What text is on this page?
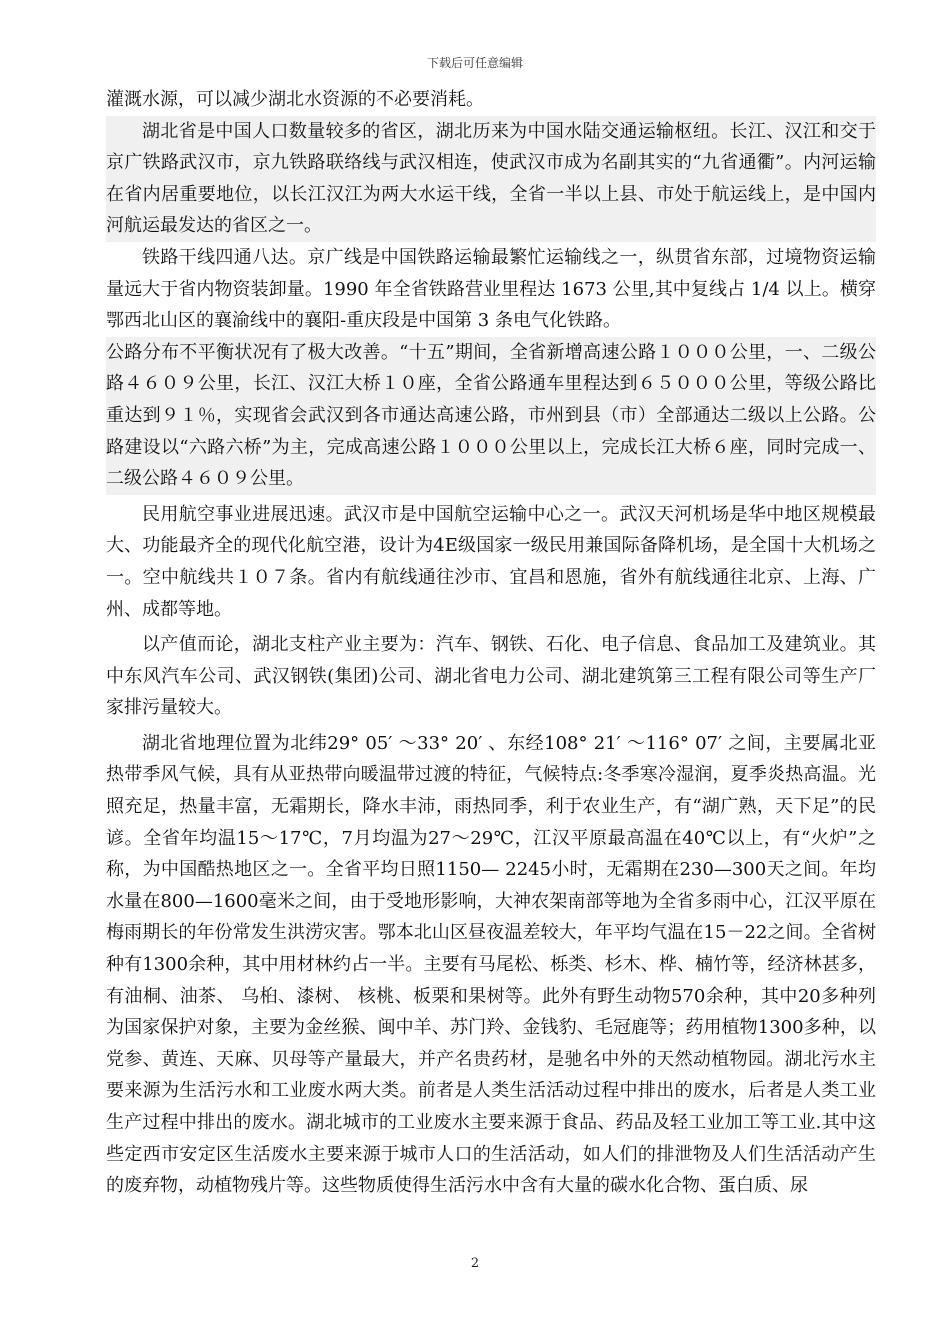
下载后可任意编辑

灌溉水源，可以减少湖北水资源的不必要消耗。

湖北省是中国人口数量较多的省区，湖北历来为中国水陆交通运输枢纽。长江、汉江和交于京广铁路武汉市，京九铁路联络线与武汉相连，使武汉市成为名副其实的“九省通衢”。内河运输在省内居重要地位，以长江汉江为两大水运干线，全省一半以上县、市处于航运线上，是中国内河航运最发达的省区之一。

铁路干线四通八达。京广线是中国铁路运输最繁忙运输线之一，纵贯省东部，过境物资运输量远大于省内物资装卸量。1990 年全省铁路营业里程达 1673 公里,其中复线占 1/4 以上。横穿鄂西北山区的襄渝线中的襄阳-重庆段是中国第 3 条电气化铁路。

公路分布不平衡状况有了极大改善。“十五”期间，全省新增高速公路１０００公里，一、二级公路４６０９公里，长江、汉江大桥１０座，全省公路通车里程达到６５０００公里，等级公路比重达到９１％，实现省会武汉到各市通达高速公路，市州到县（市）全部通达二级以上公路。公路建设以“六路六桥”为主，完成高速公路１０００公里以上，完成长江大桥６座，同时完成一、二级公路４６０９公里。

民用航空事业进展迅速。武汉市是中国航空运输中心之一。武汉天河机场是华中地区规模最大、功能最齐全的现代化航空港，设计为4E级国家一级民用兼国际备降机场，是全国十大机场之一。空中航线共１０７条。省内有航线通往沙市、宜昌和恩施，省外有航线通往北京、上海、广州、成都等地。

以产值而论，湖北支柱产业主要为：汽车、钢铁、石化、电子信息、食品加工及建筑业。其中东风汽车公司、武汉钢铁(集团)公司、湖北省电力公司、湖北建筑第三工程有限公司等生产厂家排污量较大。

湖北省地理位置为北纬29° 05′ ～33° 20′ 、东经108° 21′ ～116° 07′ 之间，主要属北亚热带季风气候，具有从亚热带向暖温带过渡的特征，气候特点:冬季寒冷湿润，夏季炎热高温。光照充足，热量丰富，无霜期长，降水丰沛，雨热同季，利于农业生产，有“湖广熟，天下足”的民谚。全省年均温15～17℃，7月均温为27～29℃，江汉平原最高温在40℃以上，有“火炉”之称，为中国酷热地区之一。全省平均日照1150— 2245小时，无霜期在230—300天之间。年均水量在800—1600毫米之间，由于受地形影响，大神农架南部等地为全省多雨中心，江汉平原在梅雨期长的年份常发生洪涝灾害。鄂本北山区昼夜温差较大，年平均气温在15－22之间。全省树种有1300余种，其中用材林约占一半。主要有马尾松、栎类、杉木、桦、楠竹等，经济林甚多，有油桐、油茶、 乌桕、漆树、 核桃、板栗和果树等。此外有野生动物570余种，其中20多种列为国家保护对象，主要为金丝猴、闽中羊、苏门羚、金钱豹、毛冠鹿等；药用植物1300多种，以党参、黄连、天麻、贝母等产量最大，并产名贵药材，是驰名中外的天然动植物园。湖北污水主要来源为生活污水和工业废水两大类。前者是人类生活活动过程中排出的废水，后者是人类工业生产过程中排出的废水。湖北城市的工业废水主要来源于食品、药品及轻工业加工等工业.其中这些定西市安定区生活废水主要来源于城市人口的生活活动，如人们的排泄物及人们生活活动产生的废弃物，动植物残片等。这些物质使得生活污水中含有大量的碳水化合物、蛋白质、尿

2
